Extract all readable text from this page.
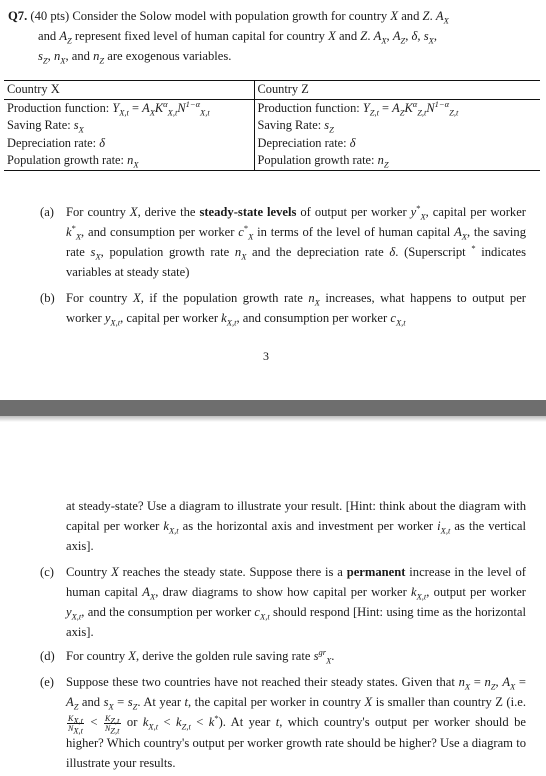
Q7. (40 pts) Consider the Solow model with population growth for country X and Z. $A_X$
and $A_Z$ represent fixed level of human capital for country X and Z. $A_X$, $A_Z$, δ, $s_X$,
$s_Z$, $n_X$, and $n_Z$ are exogenous variables.
Country X	Country Z
Production function: $Y_{X,t} = A_XK^\alpha_{X,t}N^{1-\alpha}_{X,t}$	Production function: $Y_{Z,t} = A_ZK^\alpha_{Z,t}N^{1-\alpha}_{Z,t}$
Saving Rate: $s_X$	Saving Rate: $s_Z$
Depreciation rate: δ	Depreciation rate: δ
Population growth rate: $n_X$	Population growth rate: $n_Z$
(a) For country X, derive the steady-state levels of output per worker $y^*_X$, capital per worker $k^*_X$, and consumption per worker $c^*_X$ in terms of the level of human capital $A_X$, the saving rate $s_X$, population growth rate $n_X$ and the depreciation rate δ. (Superscript * indicates variables at steady state)
(b) For country X, if the population growth rate $n_X$ increases, what happens to output per worker $y_{X,t}$, capital per worker $k_{X,t}$, and consumption per worker $c_{X,t}$
3
at steady-state? Use a diagram to illustrate your result. [Hint: think about the diagram with capital per worker $k_{X,t}$ as the horizontal axis and investment per worker $i_{X,t}$ as the vertical axis].
(c) Country X reaches the steady state. Suppose there is a permanent increase in the level of human capital $A_X$, draw diagrams to show how capital per worker $k_{X,t}$, output per worker $y_{X,t}$, and the consumption per worker $c_{X,t}$ should respond [Hint: using time as the horizontal axis].
(d) For country X, derive the golden rule saving rate $s^{gr}_X$.
(e) Suppose these two countries have not reached their steady states. Given that $n_X = n_Z$, $A_X = A_Z$ and $s_X = s_Z$. At year t, the capital per worker in country X is smaller than country Z (i.e.
$\frac{K_{X,t}}{N_{X,t}} < \frac{K_{Z,t}}{N_{Z,t}}$ or $k_{X,t} < k_{Z,t} < k^*$). At year t, which country's output per worker should be higher? Which country's output per worker growth rate should be higher? Use a diagram to illustrate your results.
